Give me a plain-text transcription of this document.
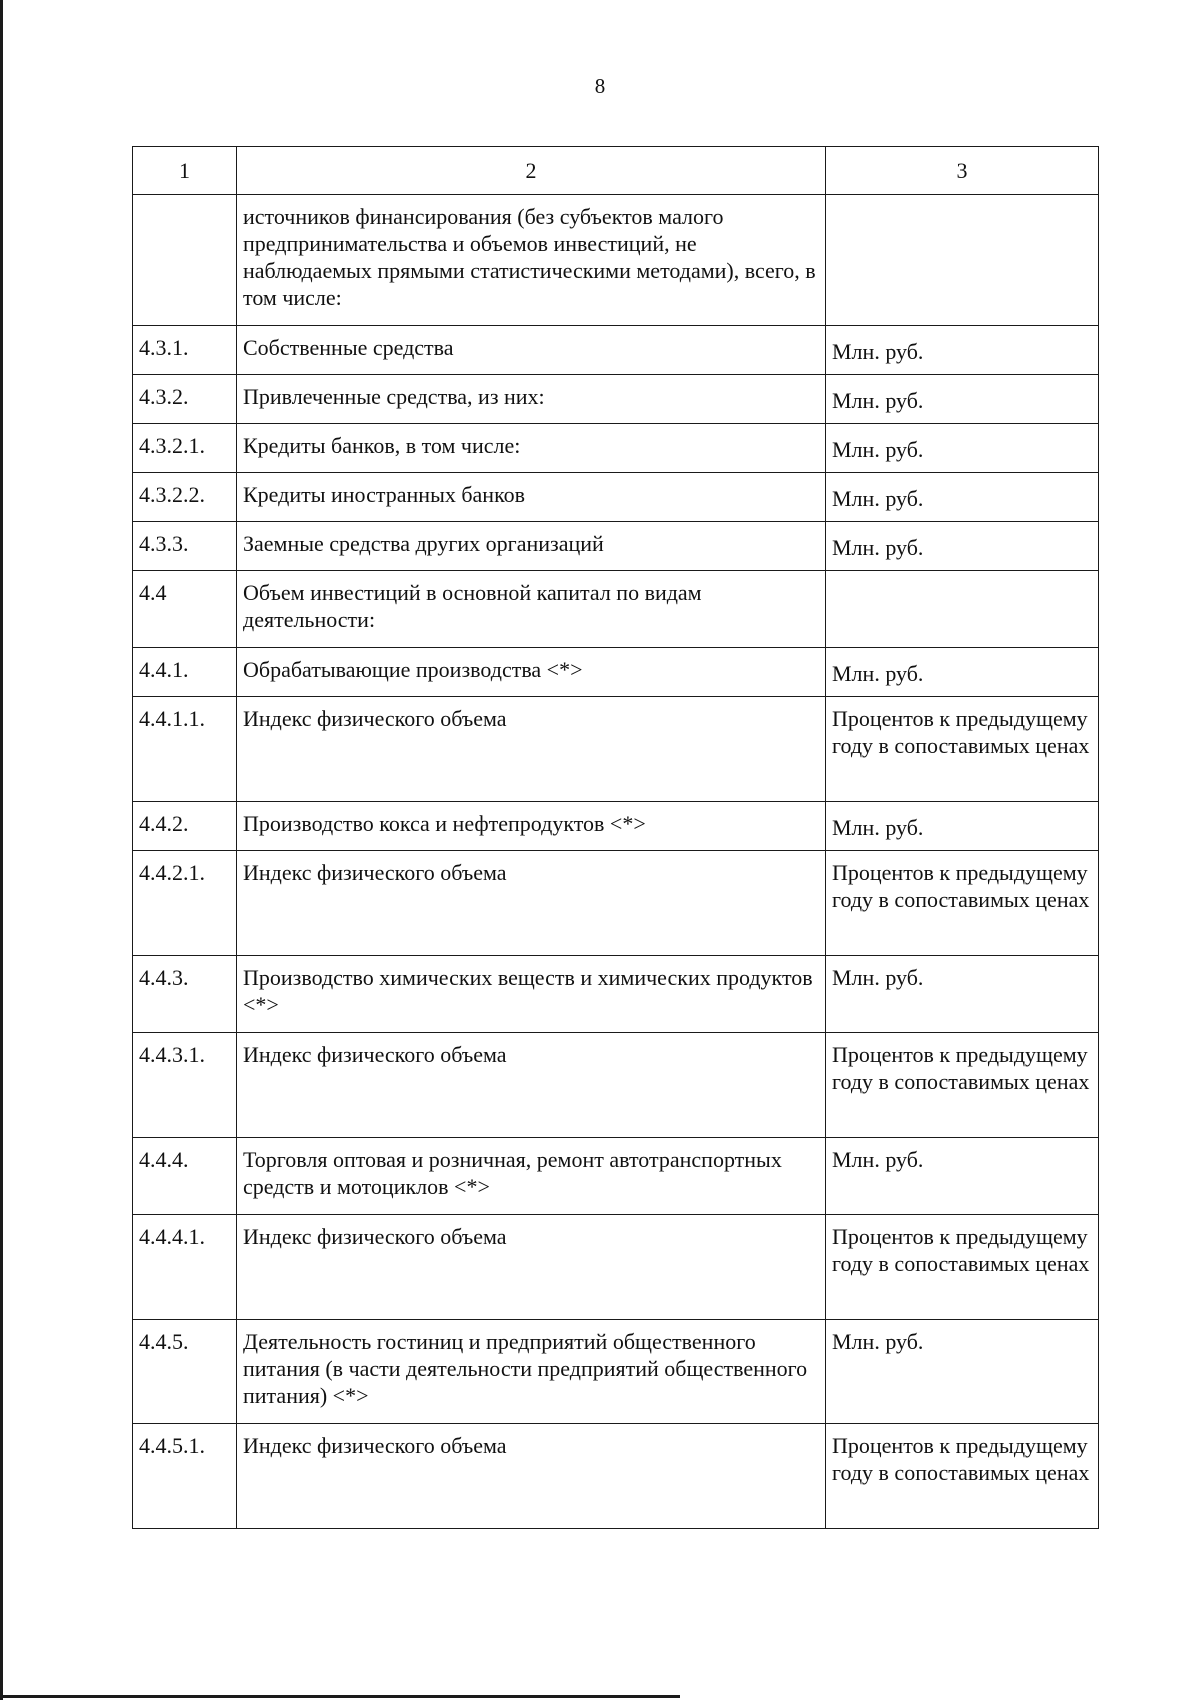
8
1	2	3
	источников финансирования (без субъектов малого предпринимательства и объемов инвестиций, не наблюдаемых прямыми статистическими методами), всего, в том числе:	
4.3.1.	Собственные средства	Млн. руб.
4.3.2.	Привлеченные средства, из них:	Млн. руб.
4.3.2.1.	Кредиты банков, в том числе:	Млн. руб.
4.3.2.2.	Кредиты иностранных банков	Млн. руб.
4.3.3.	Заемные средства других организаций	Млн. руб.
4.4	Объем инвестиций в основной капитал по видам деятельности:	
4.4.1.	Обрабатывающие производства <*>	Млн. руб.
4.4.1.1.	Индекс физического объема	Процентов к предыдущему году в сопоставимых ценах
4.4.2.	Производство кокса и нефтепродуктов <*>	Млн. руб.
4.4.2.1.	Индекс физического объема	Процентов к предыдущему году в сопоставимых ценах
4.4.3.	Производство химических веществ и химических продуктов <*>	Млн. руб.
4.4.3.1.	Индекс физического объема	Процентов к предыдущему году в сопоставимых ценах
4.4.4.	Торговля оптовая и розничная, ремонт автотранспортных средств и мотоциклов <*>	Млн. руб.
4.4.4.1.	Индекс физического объема	Процентов к предыдущему году в сопоставимых ценах
4.4.5.	Деятельность гостиниц и предприятий общественного питания (в части деятельности предприятий общественного питания) <*>	Млн. руб.
4.4.5.1.	Индекс физического объема	Процентов к предыдущему году в сопоставимых ценах
